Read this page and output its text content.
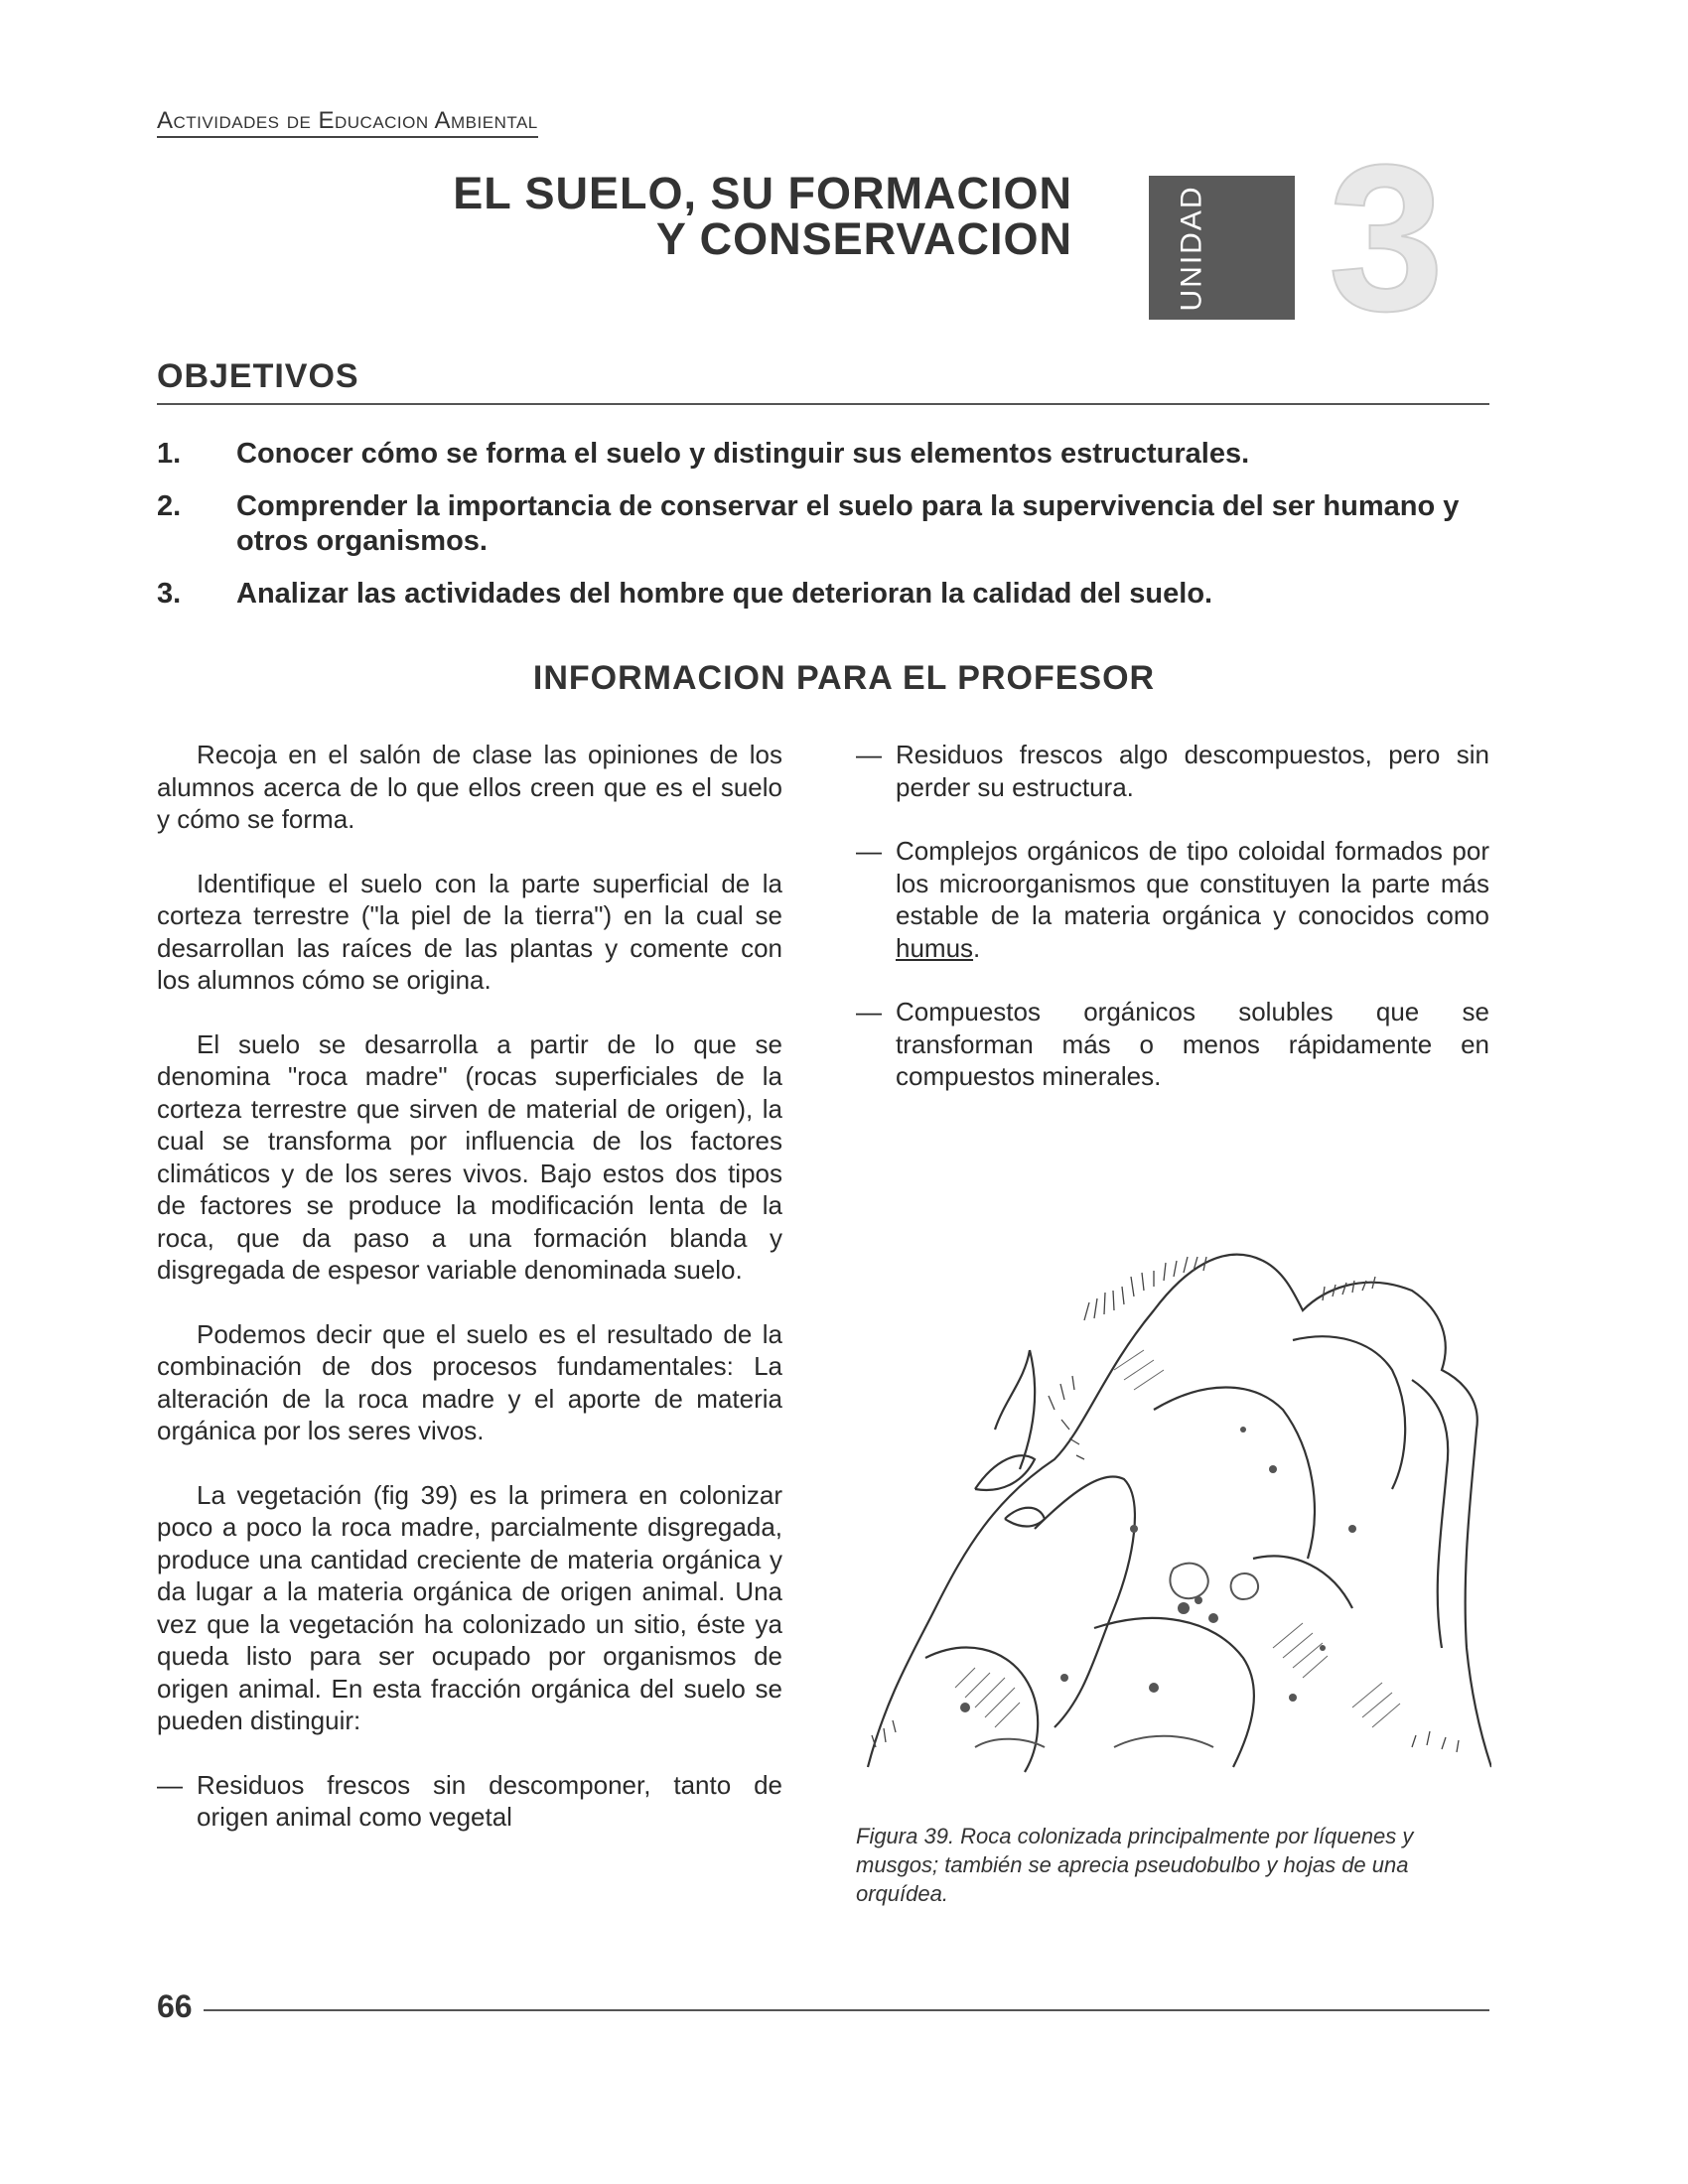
Actividades de Educacion Ambiental
EL SUELO, SU FORMACION
Y CONSERVACION	UNIDAD 3
OBJETIVOS
1.	Conocer cómo se forma el suelo y distinguir sus elementos estructurales.
2.	Comprender la importancia de conservar el suelo para la supervivencia del ser humano y otros organismos.
3.	Analizar las actividades del hombre que deterioran la calidad del suelo.
INFORMACION PARA EL PROFESOR

Recoja en el salón de clase las opiniones de los alumnos acerca de lo que ellos creen que es el suelo y cómo se forma.

Identifique el suelo con la parte superficial de la corteza terrestre ("la piel de la tierra") en la cual se desarrollan las raíces de las plantas y comente con los alumnos cómo se origina.

El suelo se desarrolla a partir de lo que se denomina "roca madre" (rocas superficiales de la corteza terrestre que sirven de material de origen), la cual se transforma por influencia de los factores climáticos y de los seres vivos. Bajo estos dos tipos de factores se produce la modificación lenta de la roca, que da paso a una formación blanda y disgregada de espesor variable denominada suelo.

Podemos decir que el suelo es el resultado de la combinación de dos procesos fundamentales: La alteración de la roca madre y el aporte de materia orgánica por los seres vivos.

La vegetación (fig 39) es la primera en colonizar poco a poco la roca madre, parcialmente disgregada, produce una cantidad creciente de materia orgánica y da lugar a la materia orgánica de origen animal. Una vez que la vegetación ha colonizado un sitio, éste ya queda listo para ser ocupado por organismos de origen animal. En esta fracción orgánica del suelo se pueden distinguir:

— Residuos frescos sin descomponer, tanto de origen animal como vegetal
— Residuos frescos algo descompuestos, pero sin perder su estructura.
— Complejos orgánicos de tipo coloidal formados por los microorganismos que constituyen la parte más estable de la materia orgánica y conocidos como humus.
— Compuestos orgánicos solubles que se transforman más o menos rápidamente en compuestos minerales.
Figura 39. Roca colonizada principalmente por líquenes y musgos; también se aprecia pseudobulbo y hojas de una orquídea.
66
